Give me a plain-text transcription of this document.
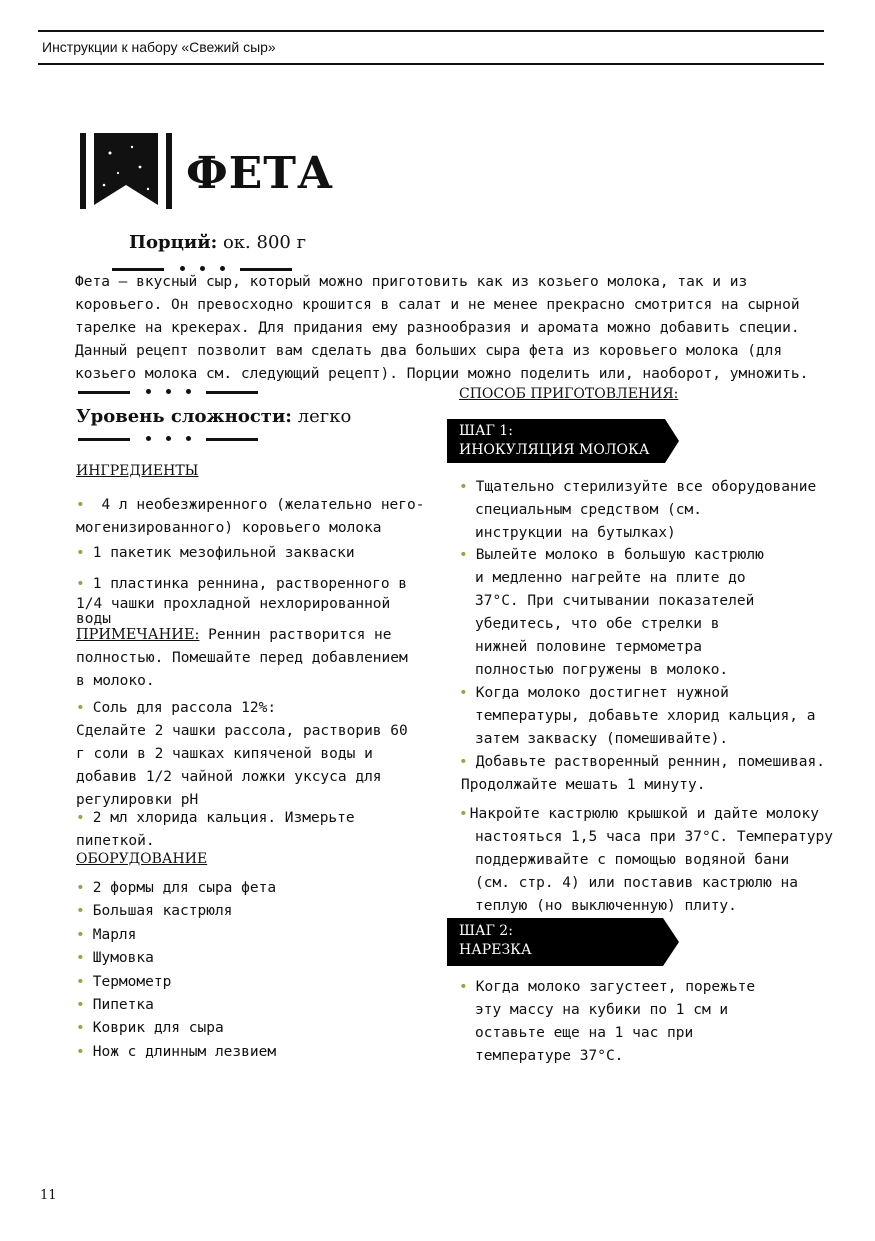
Инструкции к набору «Свежий сыр»
ФЕТА
Порций: ок. 800 г
Фета – вкусный сыр, который можно приготовить как из козьего молока, так и из
коровьего. Он превосходно крошится в салат и не менее прекрасно смотрится на сырной
тарелке на крекерах. Для придания ему разнообразия и аромата можно добавить специи.
Данный рецепт позволит вам сделать два больших сыра фета из коровьего молока (для
козьего молока см. следующий рецепт). Порции можно поделить или, наоборот, умножить.
Уровень сложности: легко
ИНГРЕДИЕНТЫ
• 4 л необезжиренного (желательно него-
могенизированного) коровьего молока
• 1 пакетик мезофильной закваски
• 1 пластинка реннина, растворенного в
1/4 чашки прохладной нехлорированной
воды
ПРИМЕЧАНИЕ: Реннин растворится не
полностью. Помешайте перед добавлением
в молоко.
• Соль для рассола 12%:
Сделайте 2 чашки рассола, растворив 60
г соли в 2 чашках кипяченой воды и
добавив 1/2 чайной ложки уксуса для
регулировки pH
• 2 мл хлорида кальция. Измерьте
пипеткой.
ОБОРУДОВАНИЕ
• 2 формы для сыра фета
• Большая кастрюля
• Марля
• Шумовка
• Термометр
• Пипетка
• Коврик для сыра
• Нож с длинным лезвием
СПОСОБ ПРИГОТОВЛЕНИЯ:
ШАГ 1:
ИНОКУЛЯЦИЯ МОЛОКА
• Тщательно стерилизуйте все оборудование
специальным средством (см.
инструкции на бутылках)
• Вылейте молоко в большую кастрюлю
и медленно нагрейте на плите до
37°С. При считывании показателей
убедитесь, что обе стрелки в
нижней половине термометра
полностью погружены в молоко.
• Когда молоко достигнет нужной
температуры, добавьте хлорид кальция, а
затем закваску (помешивайте).
• Добавьте растворенный реннин, помешивая.
Продолжайте мешать 1 минуту.
• Накройте кастрюлю крышкой и дайте молоку
настояться 1,5 часа при 37°С. Температуру
поддерживайте с помощью водяной бани
(см. стр. 4) или поставив кастрюлю на
теплую (но выключенную) плиту.
ШАГ 2:
НАРЕЗКА
• Когда молоко загустеет, порежьте
эту массу на кубики по 1 см и
оставьте еще на 1 час при
температуре 37°С.
11
